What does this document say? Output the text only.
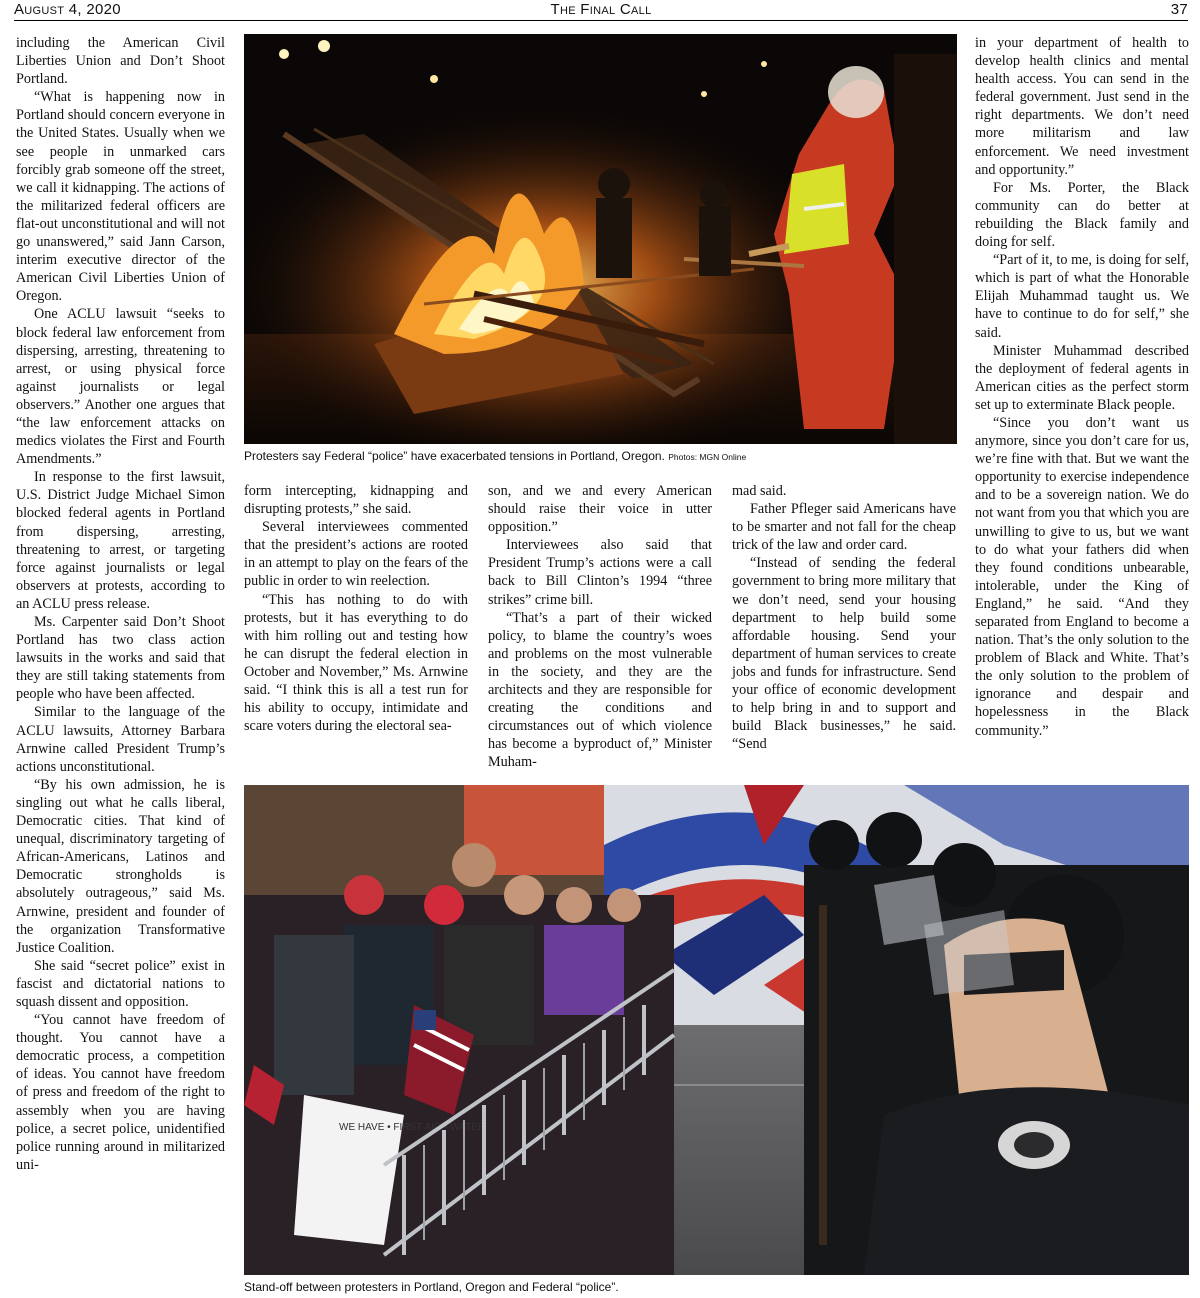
August 4, 2020	The Final Call	37

including the American Civil Liberties Union and Don’t Shoot Portland.

“What is happening now in Portland should concern everyone in the United States. Usually when we see people in unmarked cars forcibly grab someone off the street, we call it kidnapping. The actions of the militarized federal officers are flat-out unconstitutional and will not go unanswered,” said Jann Carson, interim executive director of the American Civil Liberties Union of Oregon.

One ACLU lawsuit “seeks to block federal law enforcement from dispersing, arresting, threatening to arrest, or using physical force against journalists or legal observers.” Another one argues that “the law enforcement attacks on medics violates the First and Fourth Amendments.”

In response to the first lawsuit, U.S. District Judge Michael Simon blocked federal agents in Portland from dispersing, arresting, threatening to arrest, or targeting force against journalists or legal observers at protests, according to an ACLU press release.

Ms. Carpenter said Don’t Shoot Portland has two class action lawsuits in the works and said that they are still taking statements from people who have been affected.

Similar to the language of the ACLU lawsuits, Attorney Barbara Arnwine called President Trump’s actions unconstitutional.

“By his own admission, he is singling out what he calls liberal, Democratic cities. That kind of unequal, discriminatory targeting of African-Americans, Latinos and Democratic strongholds is absolutely outrageous,” said Ms. Arnwine, president and founder of the organization Transformative Justice Coalition.

She said “secret police” exist in fascist and dictatorial nations to squash dissent and opposition.

“You cannot have freedom of thought. You cannot have a democratic process, a competition of ideas. You cannot have freedom of press and freedom of the right to assembly when you are having police, a secret police, unidentified police running around in militarized uni-

Protesters say Federal “police” have exacerbated tensions in Portland, Oregon. Photos: MGN Online

form intercepting, kidnapping and disrupting protests,” she said.

Several interviewees commented that the president’s actions are rooted in an attempt to play on the fears of the public in order to win reelection.

“This has nothing to do with protests, but it has everything to do with him rolling out and testing how he can disrupt the federal election in October and November,” Ms. Arnwine said. “I think this is all a test run for his ability to occupy, intimidate and scare voters during the electoral sea-

son, and we and every American should raise their voice in utter opposition.”

Interviewees also said that President Trump’s actions were a call back to Bill Clinton’s 1994 “three strikes” crime bill.

“That’s a part of their wicked policy, to blame the country’s woes and problems on the most vulnerable in the society, and they are the architects and they are responsible for creating the conditions and circumstances out of which violence has become a byproduct of,” Minister Muham-

mad said.

Father Pfleger said Americans have to be smarter and not fall for the cheap trick of the law and order card.

“Instead of sending the federal government to bring more military that we don’t need, send your housing department to help build some affordable housing. Send your department of human services to create jobs and funds for infrastructure. Send your office of economic development to help bring in and to support and build Black businesses,” he said. “Send

in your department of health to develop health clinics and mental health access. You can send in the federal government. Just send in the right departments. We don’t need more militarism and law enforcement. We need investment and opportunity.”

For Ms. Porter, the Black community can do better at rebuilding the Black family and doing for self.

“Part of it, to me, is doing for self, which is part of what the Honorable Elijah Muhammad taught us. We have to continue to do for self,” she said.

Minister Muhammad described the deployment of federal agents in American cities as the perfect storm set up to exterminate Black people.

“Since you don’t want us anymore, since you don’t care for us, we’re fine with that. But we want the opportunity to exercise independence and to be a sovereign nation. We do not want from you that which you are unwilling to give to us, but we want to do what your fathers did when they found conditions unbearable, intolerable, under the King of England,” he said. “And they separated from England to become a nation. That’s the only solution to the problem of Black and White. That’s the only solution to the problem of ignorance and despair and hopelessness in the Black community.”

WE HAVE • FIRST AID • WATER
Stand-off between protesters in Portland, Oregon and Federal “police”.
